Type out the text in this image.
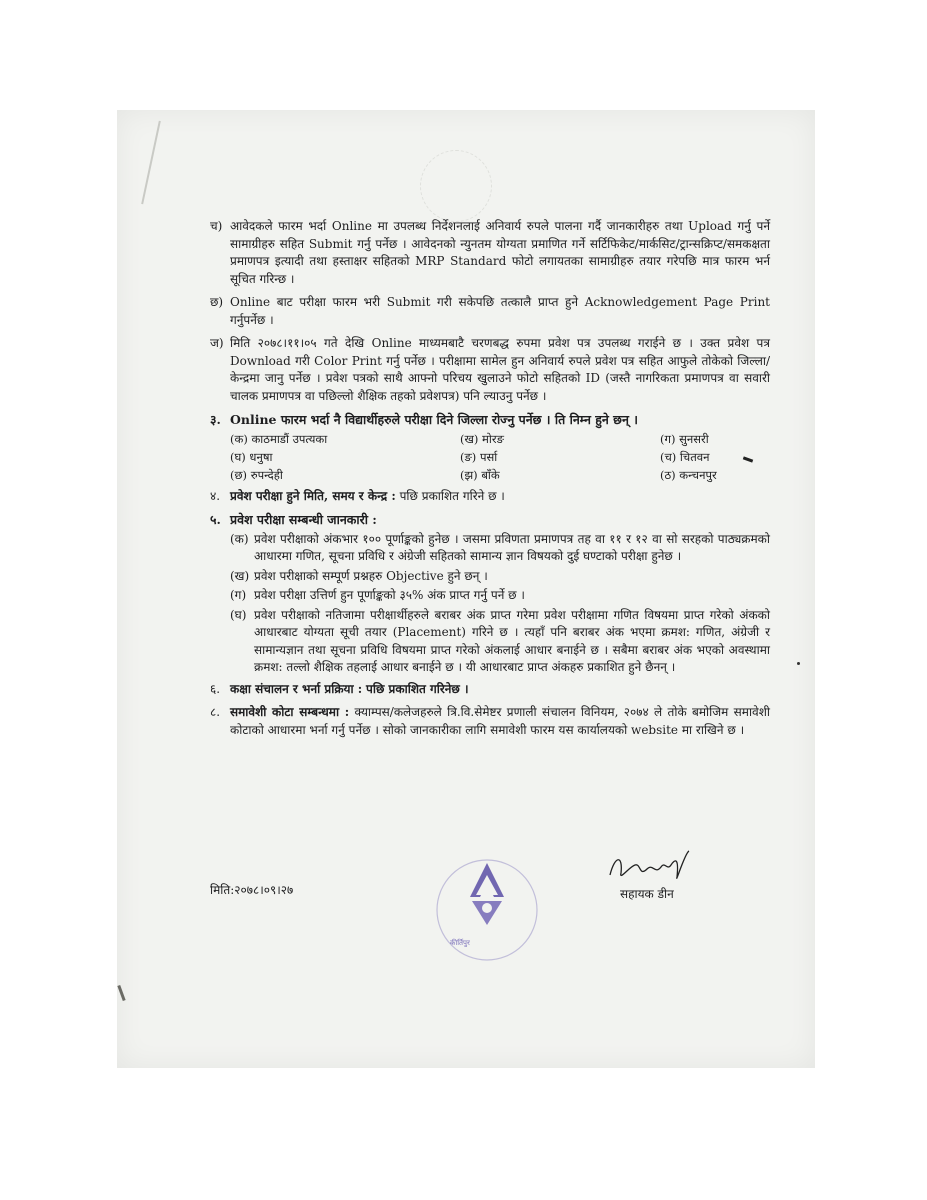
च) आवेदकले फारम भर्दा Online मा उपलब्ध निर्देशनलाई अनिवार्य रुपले पालना गर्दै जानकारीहरु तथा Upload गर्नु पर्ने सामाग्रीहरु सहित Submit गर्नु पर्नेछ । आवेदनको न्युनतम योग्यता प्रमाणित गर्ने सर्टिफिकेट/मार्कसिट/ट्रान्सक्रिप्ट/समकक्षता प्रमाणपत्र इत्यादी तथा हस्ताक्षर सहितको MRP Standard फोटो लगायतका सामाग्रीहरु तयार गरेपछि मात्र फारम भर्न सूचित गरिन्छ ।
छ) Online बाट परीक्षा फारम भरी Submit गरी सकेपछि तत्कालै प्राप्त हुने Acknowledgement Page Print गर्नुपर्नेछ ।
ज) मिति २०७८।११।०५ गते देखि Online माध्यमबाटै चरणबद्ध रुपमा प्रवेश पत्र उपलब्ध गराईने छ । उक्त प्रवेश पत्र Download गरी Color Print गर्नु पर्नेछ । परीक्षामा सामेल हुन अनिवार्य रुपले प्रवेश पत्र सहित आफुले तोकेको जिल्ला/केन्द्रमा जानु पर्नेछ । प्रवेश पत्रको साथै आफ्नो परिचय खुलाउने फोटो सहितको ID (जस्तै नागरिकता प्रमाणपत्र वा सवारी चालक प्रमाणपत्र वा पछिल्लो शैक्षिक तहको प्रवेशपत्र) पनि ल्याउनु पर्नेछ ।
३. Online फारम भर्दा नै विद्यार्थीहरुले परीक्षा दिने जिल्ला रोज्नु पर्नेछ । ति निम्न हुने छन् ।
(क) काठमाडौं उपत्यका	(ख) मोरङ	(ग) सुनसरी
(घ) धनुषा	(ङ) पर्सा	(च) चितवन
(छ) रुपन्देही	(झ) बाँके	(ठ) कन्चनपुर
४. प्रवेश परीक्षा हुने मिति, समय र केन्द्र : पछि प्रकाशित गरिने छ ।
५. प्रवेश परीक्षा सम्बन्धी जानकारी :
(क) प्रवेश परीक्षाको अंकभार १०० पूर्णाङ्कको हुनेछ । जसमा प्रविणता प्रमाणपत्र तह वा ११ र १२ वा सो सरहको पाठ्यक्रमको आधारमा गणित, सूचना प्रविधि र अंग्रेजी सहितको सामान्य ज्ञान विषयको दुई घण्टाको परीक्षा हुनेछ ।
(ख) प्रवेश परीक्षाको सम्पूर्ण प्रश्नहरु Objective हुने छन् ।
(ग) प्रवेश परीक्षा उत्तिर्ण हुन पूर्णाङ्कको ३५% अंक प्राप्त गर्नु पर्ने छ ।
(घ) प्रवेश परीक्षाको नतिजामा परीक्षार्थीहरुले बराबर अंक प्राप्त गरेमा प्रवेश परीक्षामा गणित विषयमा प्राप्त गरेको अंकको आधारबाट योग्यता सूची तयार (Placement) गरिने छ । त्यहाँ पनि बराबर अंक भएमा क्रमश: गणित, अंग्रेजी र सामान्यज्ञान तथा सूचना प्रविधि विषयमा प्राप्त गरेको अंकलाई आधार बनाईने छ । सबैमा बराबर अंक भएको अवस्थामा क्रमश: तल्लो शैक्षिक तहलाई आधार बनाईने छ । यी आधारबाट प्राप्त अंकहरु प्रकाशित हुने छैनन् ।
६. कक्षा संचालन र भर्ना प्रक्रिया : पछि प्रकाशित गरिनेछ ।
८. समावेशी कोटा सम्बन्धमा : क्याम्पस/कलेजहरुले त्रि.वि.सेमेष्टर प्रणाली संचालन विनियम, २०७४ ले तोके बमोजिम समावेशी कोटाको आधारमा भर्ना गर्नु पर्नेछ । सोको जानकारीका लागि समावेशी फारम यस कार्यालयको website मा राखिने छ ।
मिति:२०७८।०९।२७
कीर्तिपुर
सहायक डीन
